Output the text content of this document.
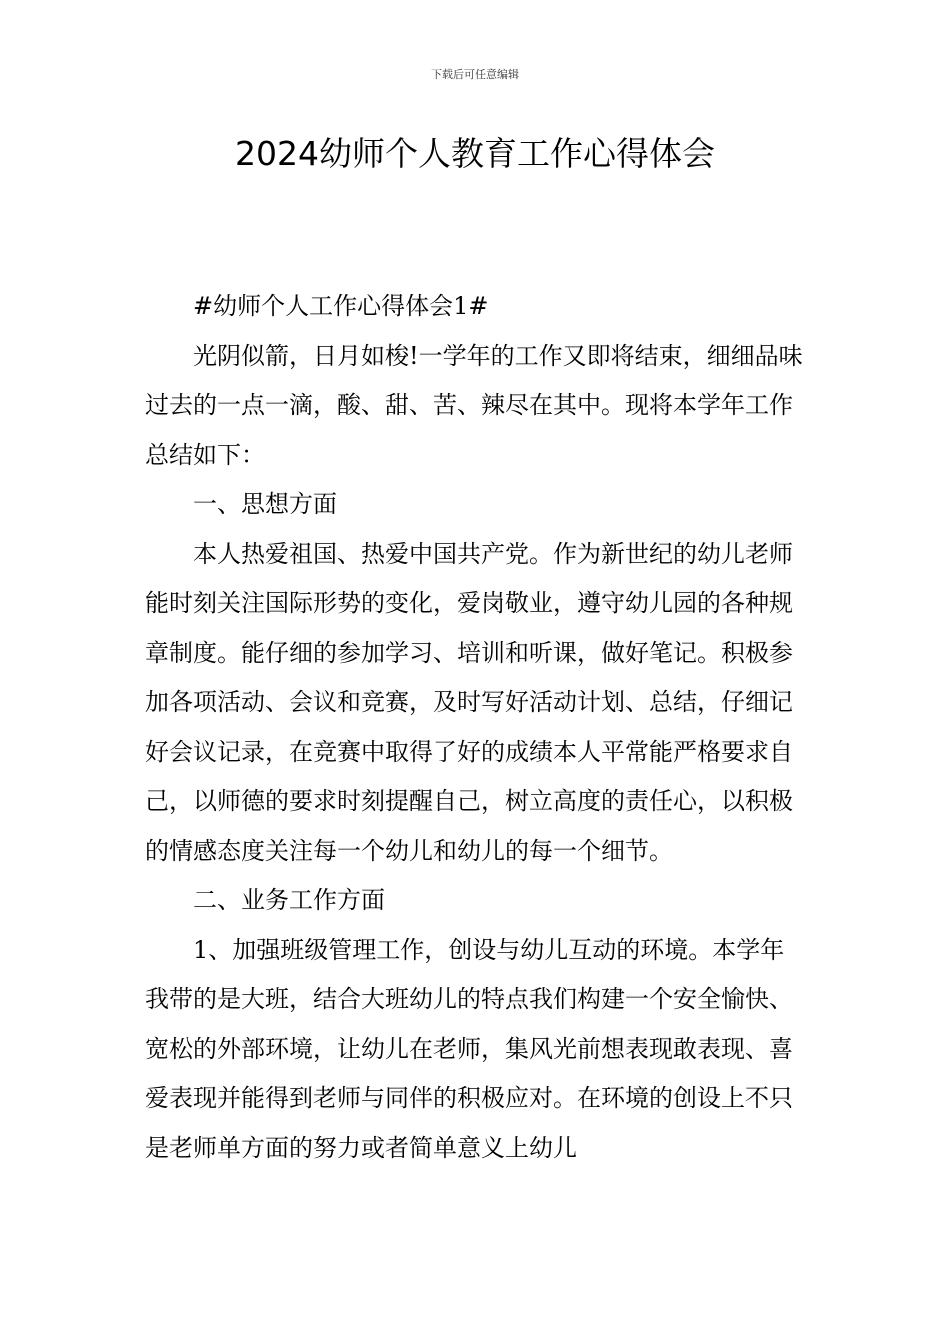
下载后可任意编辑
2024幼师个人教育工作心得体会

#幼师个人工作心得体会1#

光阴似箭，日月如梭!一学年的工作又即将结束，细细品味过去的一点一滴，酸、甜、苦、辣尽在其中。现将本学年工作总结如下：

一、思想方面

本人热爱祖国、热爱中国共产党。作为新世纪的幼儿老师能时刻关注国际形势的变化，爱岗敬业，遵守幼儿园的各种规章制度。能仔细的参加学习、培训和听课，做好笔记。积极参加各项活动、会议和竞赛，及时写好活动计划、总结，仔细记好会议记录，在竞赛中取得了好的成绩本人平常能严格要求自己，以师德的要求时刻提醒自己，树立高度的责任心，以积极的情感态度关注每一个幼儿和幼儿的每一个细节。

二、业务工作方面

1、加强班级管理工作，创设与幼儿互动的环境。本学年我带的是大班，结合大班幼儿的特点我们构建一个安全愉快、宽松的外部环境，让幼儿在老师，集风光前想表现敢表现、喜爱表现并能得到老师与同伴的积极应对。在环境的创设上不只是老师单方面的努力或者简单意义上幼儿
